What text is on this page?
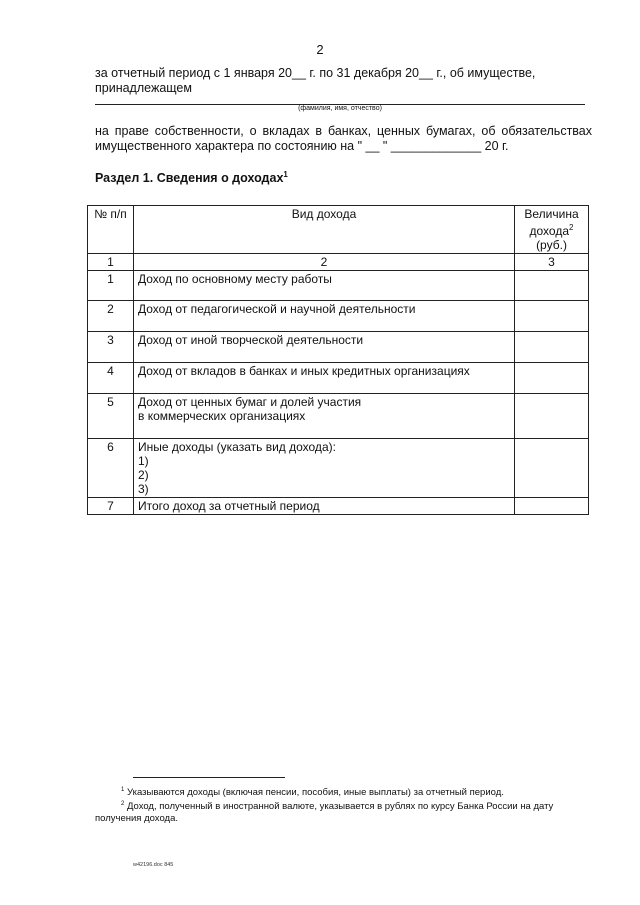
2
за отчетный период с 1 января 20__ г. по 31 декабря 20__ г., об имуществе,
принадлежащем
(фамилия, имя, отчество)
на праве собственности, о вкладах в банках, ценных бумагах, об обязательствах имущественного характера по состоянию на " __ " _____________ 20 г.
Раздел 1. Сведения о доходах$^1$
№ п/п	Вид дохода	Величина дохода$^2$
(руб.)
1	2	3
1	Доход по основному месту работы	

2	Доход от педагогической и научной деятельности	

3	Доход от иной творческой деятельности	

4	Доход от вкладов в банках и иных кредитных организациях	

5	Доход от ценных бумаг и долей участия
в коммерческих организациях	

6	Иные доходы (указать вид дохода):
1)
2)
3)	

7	Итого доход за отчетный период	

$^1$ Указываются доходы (включая пенсии, пособия, иные выплаты) за отчетный период.
$^2$ Доход, полученный в иностранной валюте, указывается в рублях по курсу Банка России на дату получения дохода.
w42196.doc 845
